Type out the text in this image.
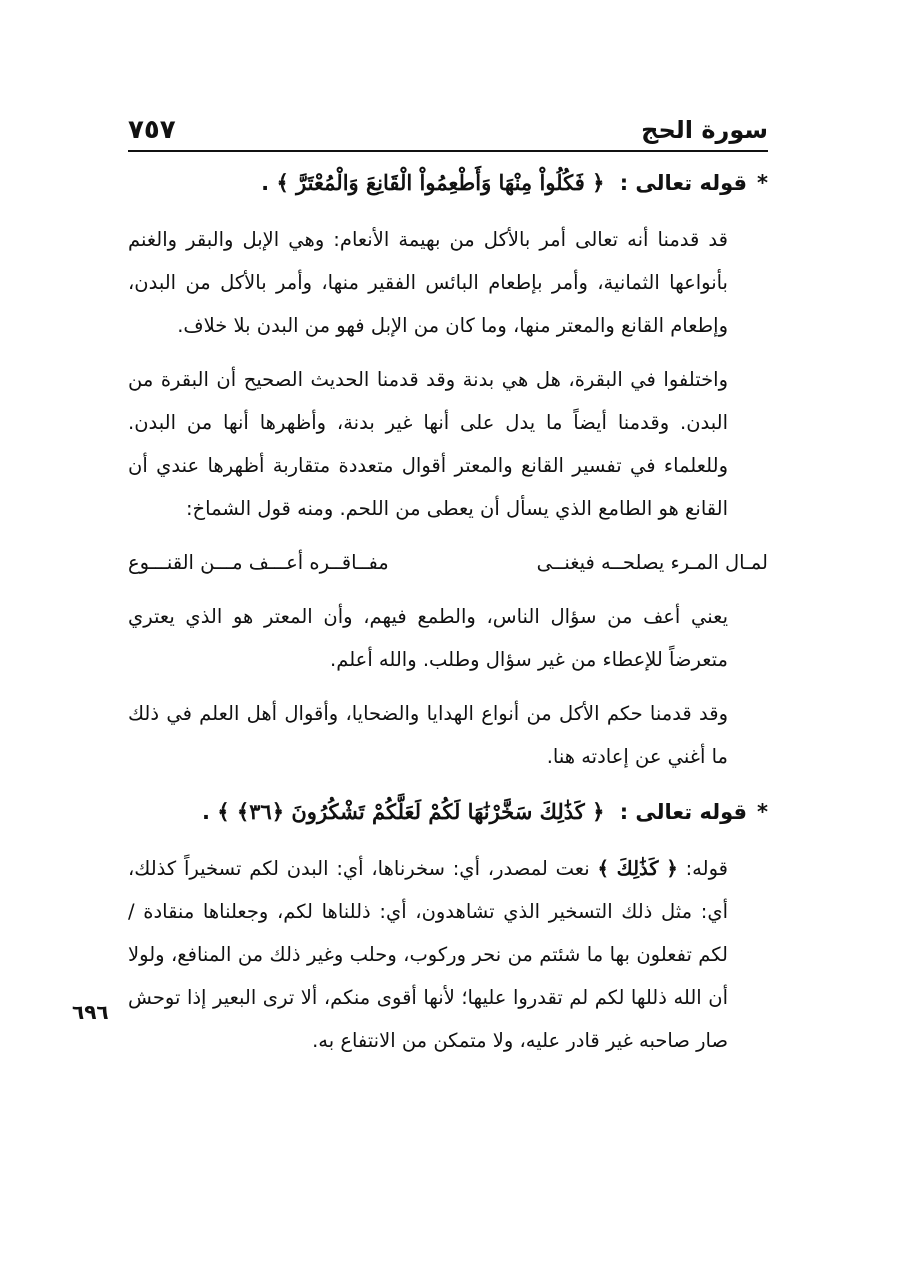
٧٥٧	سورة الحج
*قوله تعالى : ﴿ فَكُلُواْ مِنْهَا وَأَطْعِمُواْ الْقَانِعَ وَالْمُعْتَرَّ ﴾ .

قد قدمنا أنه تعالى أمر بالأكل من بهيمة الأنعام: وهي الإبل والبقر والغنم بأنواعها الثمانية، وأمر بإطعام البائس الفقير منها، وأمر بالأكل من البدن، وإطعام القانع والمعتر منها، وما كان من الإبل فهو من البدن بلا خلاف.

واختلفوا في البقرة، هل هي بدنة وقد قدمنا الحديث الصحيح أن البقرة من البدن. وقدمنا أيضاً ما يدل على أنها غير بدنة، وأظهرها أنها من البدن. وللعلماء في تفسير القانع والمعتر أقوال متعددة متقاربة أظهرها عندي أن القانع هو الطامع الذي يسأل أن يعطى من اللحم. ومنه قول الشماخ:

لمـال المـرء يصلحــه فيغنــى
مفــاقــره أعـــف مـــن القنـــوع

يعني أعف من سؤال الناس، والطمع فيهم، وأن المعتر هو الذي يعتري متعرضاً للإعطاء من غير سؤال وطلب. والله أعلم.

وقد قدمنا حكم الأكل من أنواع الهدايا والضحايا، وأقوال أهل العلم في ذلك ما أغني عن إعادته هنا.

*قوله تعالى : ﴿ كَذَٰلِكَ سَخَّرْنَٰهَا لَكُمْ لَعَلَّكُمْ تَشْكُرُونَ ﴿٣٦﴾ ﴾ .

قوله: ﴿ كَذَٰلِكَ ﴾ نعت لمصدر، أي: سخرناها، أي: البدن لكم تسخيراً كذلك، أي: مثل ذلك التسخير الذي تشاهدون، أي: ذللناها لكم، وجعلناها منقادة /لكم تفعلون بها ما شئتم من نحر وركوب، وحلب وغير ذلك من المنافع، ولولا أن الله ذللها لكم لم تقدروا عليها؛ لأنها أقوى منكم، ألا ترى البعير إذا توحش صار صاحبه غير قادر عليه، ولا متمكن من الانتفاع به.

٦٩٦
